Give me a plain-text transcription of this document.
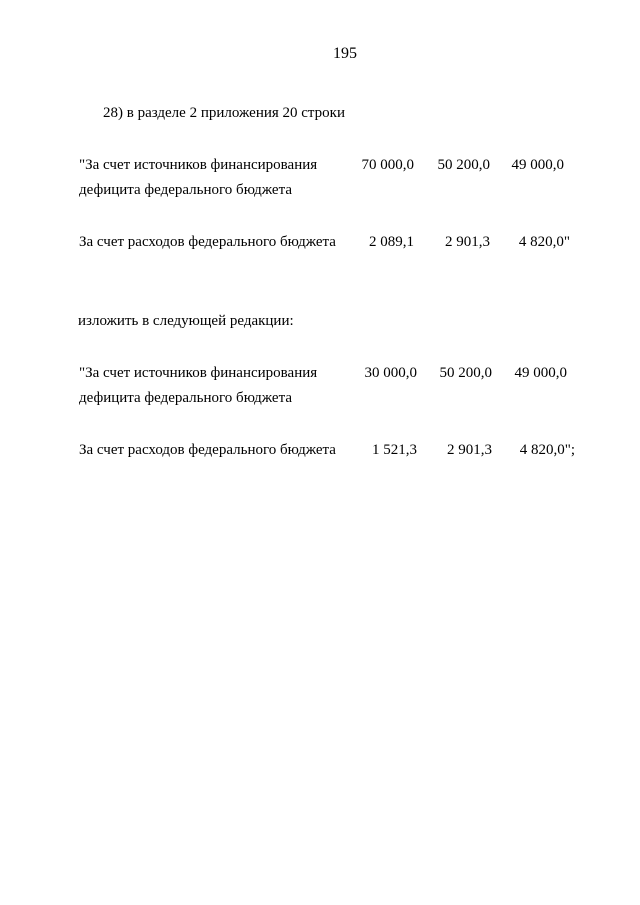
195
28) в разделе 2 приложения 20 строки
"За счет источников финансирования
дефицита федерального бюджета
70 000,0	50 200,0	49 000,0
За счет расходов федерального бюджета	2 089,1	2 901,3	4 820,0"
изложить в следующей редакции:
"За счет источников финансирования
дефицита федерального бюджета
30 000,0	50 200,0	49 000,0
За счет расходов федерального бюджета	1 521,3	2 901,3	4 820,0";
